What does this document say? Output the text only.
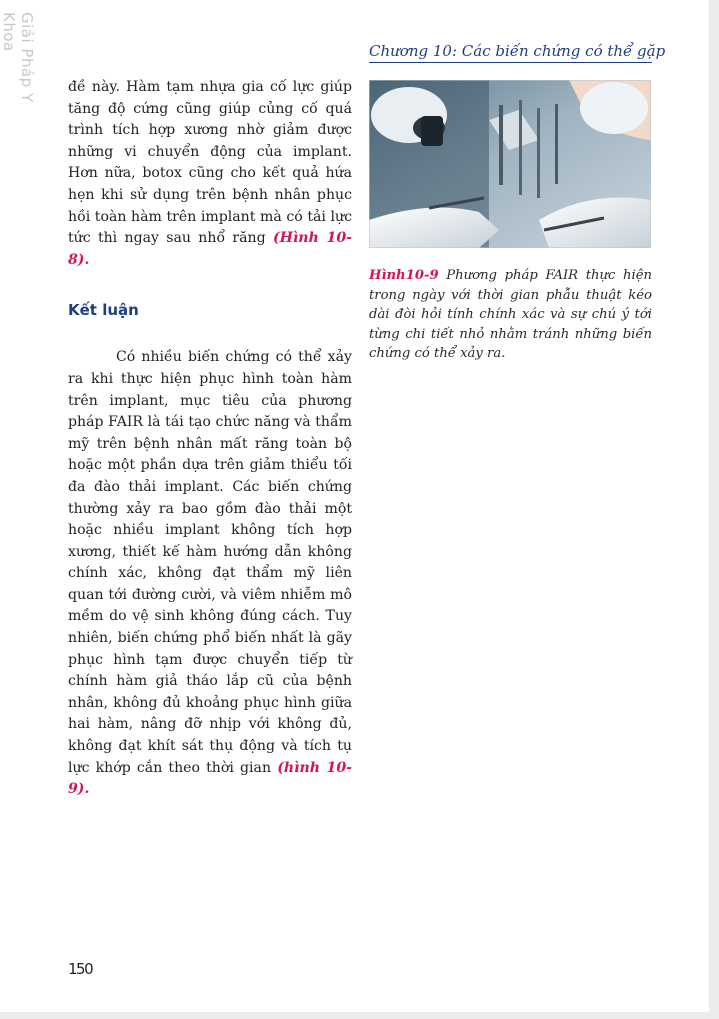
Giải Pháp Y Khoa	Chương 10: Các biến chứng có thể gặp

đề này. Hàm tạm nhựa gia cố lực giúp tăng độ cứng cũng giúp củng cố quá trình tích hợp xương nhờ giảm được những vi chuyển động của implant. Hơn nữa, botox cũng cho kết quả hứa hẹn khi sử dụng trên bệnh nhân phục hồi toàn hàm trên implant mà có tải lực tức thì ngay sau nhổ răng (Hình 10-8).

Kết luận

Có nhiều biến chứng có thể xảy ra khi thực hiện phục hình toàn hàm trên implant, mục tiêu của phương pháp FAIR là tái tạo chức năng và thẩm mỹ trên bệnh nhân mất răng toàn bộ hoặc một phần dựa trên giảm thiểu tối đa đào thải implant. Các biến chứng thường xảy ra bao gồm đào thải một hoặc nhiều implant không tích hợp xương, thiết kế hàm hướng dẫn không chính xác, không đạt thẩm mỹ liên quan tới đường cười, và viêm nhiễm mô mềm do vệ sinh không đúng cách. Tuy nhiên, biến chứng phổ biến nhất là gãy phục hình tạm được chuyển tiếp từ chính hàm giả tháo lắp cũ của bệnh nhân, không đủ khoảng phục hình giữa hai hàm, nâng đỡ nhịp với không đủ, không đạt khít sát thụ động và tích tụ lực khớp cắn theo thời gian (hình 10-9).

Hình10-9 Phương pháp FAIR thực hiện trong ngày với thời gian phẫu thuật kéo dài đòi hỏi tính chính xác và sự chú ý tới từng chi tiết nhỏ nhằm tránh những biến chứng có thể xảy ra.

150
